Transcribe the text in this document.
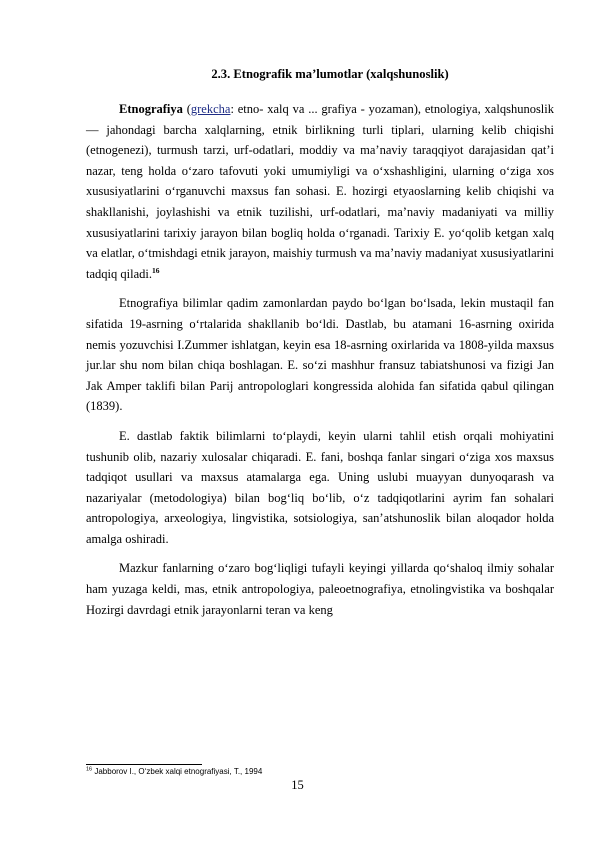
2.3. Etnografik ma’lumotlar (xalqshunoslik)

Etnografiya (grekcha: etno- xalq va ... grafiya - yozaman), etnologiya, xalqshunoslik — jahondagi barcha xalqlarning, etnik birlikning turli tiplari, ularning kelib chiqishi (etnogenezi), turmush tarzi, urf-odatlari, moddiy va ma’naviy taraqqiyot darajasidan qat’i nazar, teng holda o‘zaro tafovuti yoki umumiyligi va o‘xshashligini, ularning o‘ziga xos xususiyatlarini o‘rganuvchi maxsus fan sohasi. E. hozirgi etyaoslarning kelib chiqishi va shakllanishi, joylashishi va etnik tuzilishi, urf-odatlari, ma’naviy madaniyati va milliy xususiyatlarini tarixiy jarayon bilan bogliq holda o‘rganadi. Tarixiy E. yo‘qolib ketgan xalq va elatlar, o‘tmishdagi etnik jarayon, maishiy turmush va ma’naviy madaniyat xususiyatlarini tadqiq qiladi.$^{16}$

Etnografiya bilimlar qadim zamonlardan paydo bo‘lgan bo‘lsada, lekin mustaqil fan sifatida 19-asrning o‘rtalarida shakllanib bo‘ldi. Dastlab, bu atamani 16-asrning oxirida nemis yozuvchisi I.Zummer ishlatgan, keyin esa 18-asrning oxirlarida va 1808-yilda maxsus jur.lar shu nom bilan chiqa boshlagan. E. so‘zi mashhur fransuz tabiatshunosi va fizigi Jan Jak Amper taklifi bilan Parij antropologlari kongressida alohida fan sifatida qabul qilingan (1839).

E. dastlab faktik bilimlarni to‘playdi, keyin ularni tahlil etish orqali mohiyatini tushunib olib, nazariy xulosalar chiqaradi. E. fani, boshqa fanlar singari o‘ziga xos maxsus tadqiqot usullari va maxsus atamalarga ega. Uning uslubi muayyan dunyoqarash va nazariyalar (metodologiya) bilan bog‘liq bo‘lib, o‘z tadqiqotlarini ayrim fan sohalari antropologiya, arxeologiya, lingvistika, sotsiologiya, san’atshunoslik bilan aloqador holda amalga oshiradi.

Mazkur fanlarning o‘zaro bog‘liqligi tufayli keyingi yillarda qo‘shaloq ilmiy sohalar ham yuzaga keldi, mas, etnik antropologiya, paleoetnografiya, etnolingvistika va boshqalar Hozirgi davrdagi etnik jarayonlarni teran va keng

$^{16}$ Jabborov I., O‘zbek xalqi etnografiyasi, T., 1994
15
